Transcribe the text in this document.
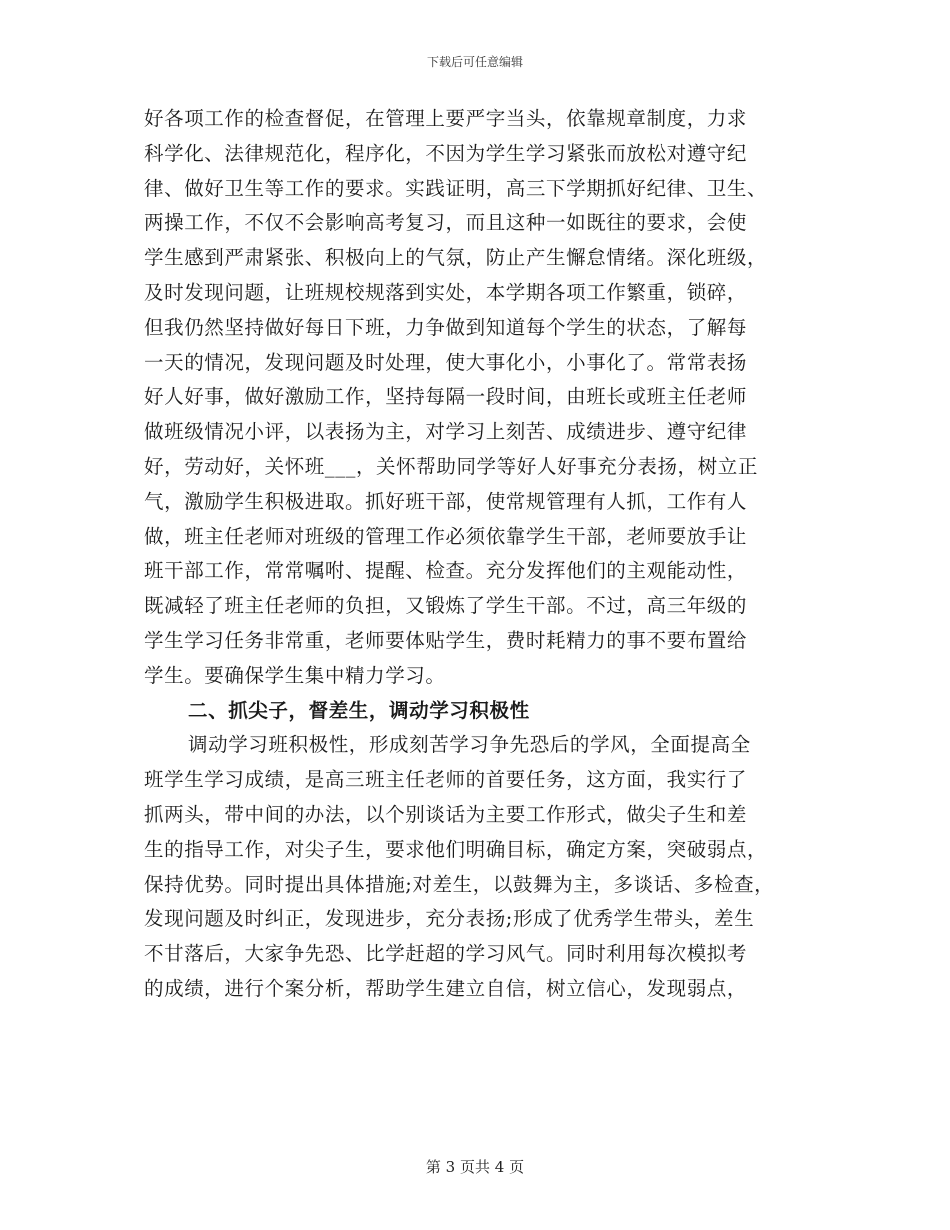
下载后可任意编辑
好各项工作的检查督促，在管理上要严字当头，依靠规章制度，力求
科学化、法律规范化，程序化，不因为学生学习紧张而放松对遵守纪
律、做好卫生等工作的要求。实践证明，高三下学期抓好纪律、卫生、
两操工作，不仅不会影响高考复习，而且这种一如既往的要求，会使
学生感到严肃紧张、积极向上的气氛，防止产生懈怠情绪。深化班级，
及时发现问题，让班规校规落到实处，本学期各项工作繁重，锁碎，
但我仍然坚持做好每日下班，力争做到知道每个学生的状态，了解每
一天的情况，发现问题及时处理，使大事化小，小事化了。常常表扬
好人好事，做好激励工作，坚持每隔一段时间，由班长或班主任老师
做班级情况小评，以表扬为主，对学习上刻苦、成绩进步、遵守纪律
好，劳动好，关怀班___，关怀帮助同学等好人好事充分表扬，树立正
气，激励学生积极进取。抓好班干部，使常规管理有人抓，工作有人
做，班主任老师对班级的管理工作必须依靠学生干部，老师要放手让
班干部工作，常常嘱咐、提醒、检查。充分发挥他们的主观能动性，
既减轻了班主任老师的负担，又锻炼了学生干部。不过，高三年级的
学生学习任务非常重，老师要体贴学生，费时耗精力的事不要布置给
学生。要确保学生集中精力学习。
二、抓尖子，督差生，调动学习积极性
调动学习班积极性，形成刻苦学习争先恐后的学风，全面提高全
班学生学习成绩，是高三班主任老师的首要任务，这方面，我实行了
抓两头，带中间的办法，以个别谈话为主要工作形式，做尖子生和差
生的指导工作，对尖子生，要求他们明确目标，确定方案，突破弱点，
保持优势。同时提出具体措施;对差生，以鼓舞为主，多谈话、多检查，
发现问题及时纠正，发现进步，充分表扬;形成了优秀学生带头，差生
不甘落后，大家争先恐、比学赶超的学习风气。同时利用每次模拟考
的成绩，进行个案分析，帮助学生建立自信，树立信心，发现弱点，
第 3 页共 4 页
